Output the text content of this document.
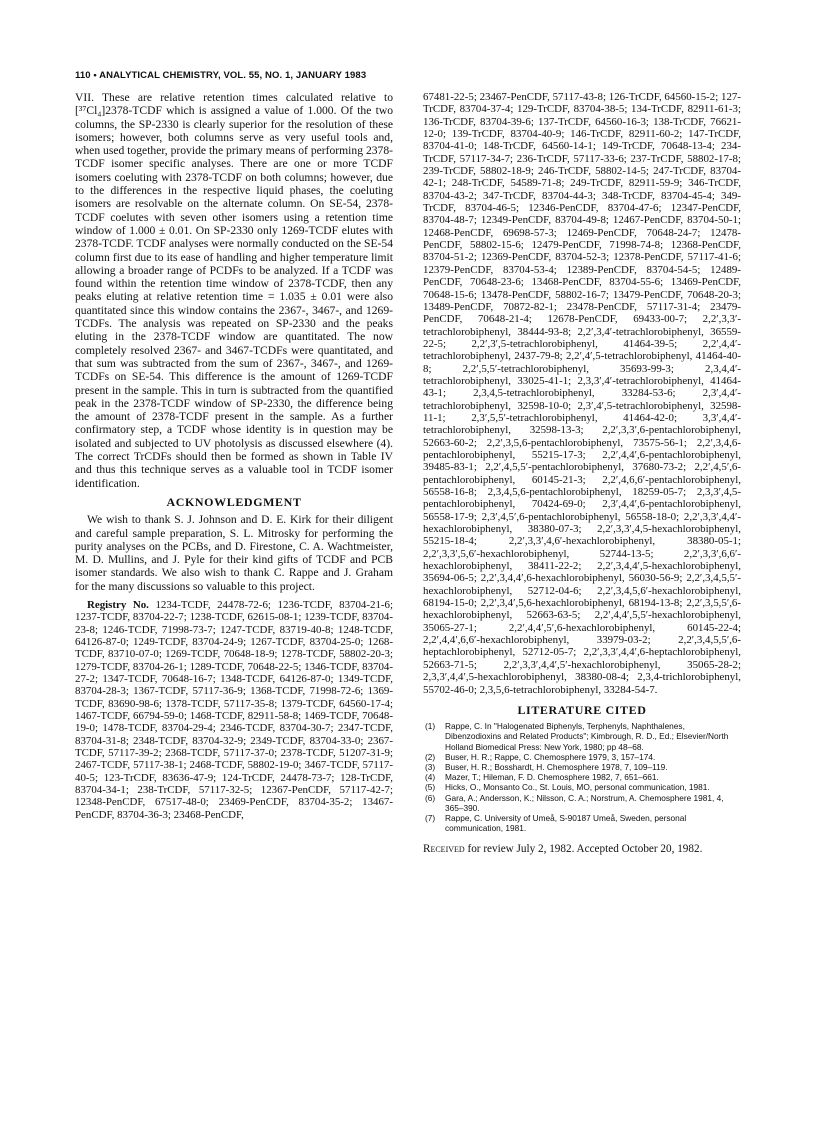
110 • ANALYTICAL CHEMISTRY, VOL. 55, NO. 1, JANUARY 1983

VII. These are relative retention times calculated relative to [³⁷Cl₄]2378-TCDF which is assigned a value of 1.000. Of the two columns, the SP-2330 is clearly superior for the resolution of these isomers; however, both columns serve as very useful tools and, when used together, provide the primary means of performing 2378-TCDF isomer specific analyses. There are one or more TCDF isomers coeluting with 2378-TCDF on both columns; however, due to the differences in the respective liquid phases, the coeluting isomers are resolvable on the alternate column. On SE-54, 2378-TCDF coelutes with seven other isomers using a retention time window of 1.000 ± 0.01. On SP-2330 only 1269-TCDF elutes with 2378-TCDF. TCDF analyses were normally conducted on the SE-54 column first due to its ease of handling and higher temperature limit allowing a broader range of PCDFs to be analyzed. If a TCDF was found within the retention time window of 2378-TCDF, then any peaks eluting at relative retention time = 1.035 ± 0.01 were also quantitated since this window contains the 2367-, 3467-, and 1269-TCDFs. The analysis was repeated on SP-2330 and the peaks eluting in the 2378-TCDF window are quantitated. The now completely resolved 2367- and 3467-TCDFs were quantitated, and that sum was subtracted from the sum of 2367-, 3467-, and 1269-TCDFs on SE-54. This difference is the amount of 1269-TCDF present in the sample. This in turn is subtracted from the quantified peak in the 2378-TCDF window of SP-2330, the difference being the amount of 2378-TCDF present in the sample. As a further confirmatory step, a TCDF whose identity is in question may be isolated and subjected to UV photolysis as discussed elsewhere (4). The correct TrCDFs should then be formed as shown in Table IV and thus this technique serves as a valuable tool in TCDF isomer identification.

ACKNOWLEDGMENT

We wish to thank S. J. Johnson and D. E. Kirk for their diligent and careful sample preparation, S. L. Mitrosky for performing the purity analyses on the PCBs, and D. Firestone, C. A. Wachtmeister, M. D. Mullins, and J. Pyle for their kind gifts of TCDF and PCB isomer standards. We also wish to thank C. Rappe and J. Graham for the many discussions so valuable to this project.

Registry No. 1234-TCDF, 24478-72-6; 1236-TCDF, 83704-21-6; 1237-TCDF, 83704-22-7; 1238-TCDF, 62615-08-1; 1239-TCDF, 83704-23-8; 1246-TCDF, 71998-73-7; 1247-TCDF, 83719-40-8; 1248-TCDF, 64126-87-0; 1249-TCDF, 83704-24-9; 1267-TCDF, 83704-25-0; 1268-TCDF, 83710-07-0; 1269-TCDF, 70648-18-9; 1278-TCDF, 58802-20-3; 1279-TCDF, 83704-26-1; 1289-TCDF, 70648-22-5; 1346-TCDF, 83704-27-2; 1347-TCDF, 70648-16-7; 1348-TCDF, 64126-87-0; 1349-TCDF, 83704-28-3; 1367-TCDF, 57117-36-9; 1368-TCDF, 71998-72-6; 1369-TCDF, 83690-98-6; 1378-TCDF, 57117-35-8; 1379-TCDF, 64560-17-4; 1467-TCDF, 66794-59-0; 1468-TCDF, 82911-58-8; 1469-TCDF, 70648-19-0; 1478-TCDF, 83704-29-4; 2346-TCDF, 83704-30-7; 2347-TCDF, 83704-31-8; 2348-TCDF, 83704-32-9; 2349-TCDF, 83704-33-0; 2367-TCDF, 57117-39-2; 2368-TCDF, 57117-37-0; 2378-TCDF, 51207-31-9; 2467-TCDF, 57117-38-1; 2468-TCDF, 58802-19-0; 3467-TCDF, 57117-40-5; 123-TrCDF, 83636-47-9; 124-TrCDF, 24478-73-7; 128-TrCDF, 83704-34-1; 238-TrCDF, 57117-32-5; 12367-PenCDF, 57117-42-7; 12348-PenCDF, 67517-48-0; 23469-PenCDF, 83704-35-2; 13467-PenCDF, 83704-36-3; 23468-PenCDF,

67481-22-5; 23467-PenCDF, 57117-43-8; 126-TrCDF, 64560-15-2; 127-TrCDF, 83704-37-4; 129-TrCDF, 83704-38-5; 134-TrCDF, 82911-61-3; 136-TrCDF, 83704-39-6; 137-TrCDF, 64560-16-3; 138-TrCDF, 76621-12-0; 139-TrCDF, 83704-40-9; 146-TrCDF, 82911-60-2; 147-TrCDF, 83704-41-0; 148-TrCDF, 64560-14-1; 149-TrCDF, 70648-13-4; 234-TrCDF, 57117-34-7; 236-TrCDF, 57117-33-6; 237-TrCDF, 58802-17-8; 239-TrCDF, 58802-18-9; 246-TrCDF, 58802-14-5; 247-TrCDF, 83704-42-1; 248-TrCDF, 54589-71-8; 249-TrCDF, 82911-59-9; 346-TrCDF, 83704-43-2; 347-TrCDF, 83704-44-3; 348-TrCDF, 83704-45-4; 349-TrCDF, 83704-46-5; 12346-PenCDF, 83704-47-6; 12347-PenCDF, 83704-48-7; 12349-PenCDF, 83704-49-8; 12467-PenCDF, 83704-50-1; 12468-PenCDF, 69698-57-3; 12469-PenCDF, 70648-24-7; 12478-PenCDF, 58802-15-6; 12479-PenCDF, 71998-74-8; 12368-PenCDF, 83704-51-2; 12369-PenCDF, 83704-52-3; 12378-PenCDF, 57117-41-6; 12379-PenCDF, 83704-53-4; 12389-PenCDF, 83704-54-5; 12489-PenCDF, 70648-23-6; 13468-PenCDF, 83704-55-6; 13469-PenCDF, 70648-15-6; 13478-PenCDF, 58802-16-7; 13479-PenCDF, 70648-20-3; 13489-PenCDF, 70872-82-1; 23478-PenCDF, 57117-31-4; 23479-PenCDF, 70648-21-4; 12678-PenCDF, 69433-00-7; 2,2′,3,3′-tetrachlorobiphenyl, 38444-93-8; 2,2′,3,4′-tetrachlorobiphenyl, 36559-22-5; 2,2′,3′,5-tetrachlorobiphenyl, 41464-39-5; 2,2′,4,4′-tetrachlorobiphenyl, 2437-79-8; 2,2′,4′,5-tetrachlorobiphenyl, 41464-40-8; 2,2′,5,5′-tetrachlorobiphenyl, 35693-99-3; 2,3,4,4′-tetrachlorobiphenyl, 33025-41-1; 2,3,3′,4′-tetrachlorobiphenyl, 41464-43-1; 2,3,4,5-tetrachlorobiphenyl, 33284-53-6; 2,3′,4,4′-tetrachlorobiphenyl, 32598-10-0; 2,3′,4′,5-tetrachlorobiphenyl, 32598-11-1; 2,3′,5,5′-tetrachlorobiphenyl, 41464-42-0; 3,3′,4,4′-tetrachlorobiphenyl, 32598-13-3; 2,2′,3,3′,6-pentachlorobiphenyl, 52663-60-2; 2,2′,3,5,6-pentachlorobiphenyl, 73575-56-1; 2,2′,3,4,6-pentachlorobiphenyl, 55215-17-3; 2,2′,4,4′,6-pentachlorobiphenyl, 39485-83-1; 2,2′,4,5,5′-pentachlorobiphenyl, 37680-73-2; 2,2′,4,5′,6-pentachlorobiphenyl, 60145-21-3; 2,2′,4,6,6′-pentachlorobiphenyl, 56558-16-8; 2,3,4,5,6-pentachlorobiphenyl, 18259-05-7; 2,3,3′,4,5-pentachlorobiphenyl, 70424-69-0; 2,3′,4,4′,6-pentachlorobiphenyl, 56558-17-9; 2,3′,4,5′,6-pentachlorobiphenyl, 56558-18-0; 2,2′,3,3′,4,4′-hexachlorobiphenyl, 38380-07-3; 2,2′,3,3′,4,5-hexachlorobiphenyl, 55215-18-4; 2,2′,3,3′,4,6′-hexachlorobiphenyl, 38380-05-1; 2,2′,3,3′,5,6′-hexachlorobiphenyl, 52744-13-5; 2,2′,3,3′,6,6′-hexachlorobiphenyl, 38411-22-2; 2,2′,3,4,4′,5-hexachlorobiphenyl, 35694-06-5; 2,2′,3,4,4′,6-hexachlorobiphenyl, 56030-56-9; 2,2′,3,4,5,5′-hexachlorobiphenyl, 52712-04-6; 2,2′,3,4,5,6′-hexachlorobiphenyl, 68194-15-0; 2,2′,3,4′,5,6-hexachlorobiphenyl, 68194-13-8; 2,2′,3,5,5′,6-hexachlorobiphenyl, 52663-63-5; 2,2′,4,4′,5,5′-hexachlorobiphenyl, 35065-27-1; 2,2′,4,4′,5′,6-hexachlorobiphenyl, 60145-22-4; 2,2′,4,4′,6,6′-hexachlorobiphenyl, 33979-03-2; 2,2′,3,4,5,5′,6-heptachlorobiphenyl, 52712-05-7; 2,2′,3,3′,4,4′,6-heptachlorobiphenyl, 52663-71-5; 2,2′,3,3′,4,4′,5′-hexachlorobiphenyl, 35065-28-2; 2,3,3′,4,4′,5-hexachlorobiphenyl, 38380-08-4; 2,3,4-trichlorobiphenyl, 55702-46-0; 2,3,5,6-tetrachlorobiphenyl, 33284-54-7.

LITERATURE CITED
(1)	Rappe, C. In "Halogenated Biphenyls, Terphenyls, Naphthalenes, Dibenzodioxins and Related Products"; Kimbrough, R. D., Ed.; Elsevier/North Holland Biomedical Press: New York, 1980; pp 48–68.
(2)	Buser, H. R.; Rappe, C. Chemosphere 1979, 3, 157–174.
(3)	Buser, H. R.; Bosshardt, H. Chemosphere 1978, 7, 109–119.
(4)	Mazer, T.; Hileman, F. D. Chemosphere 1982, 7, 651–661.
(5)	Hicks, O., Monsanto Co., St. Louis, MO, personal communication, 1981.
(6)	Gara, A.; Andersson, K.; Nilsson, C. A.; Norstrum, A. Chemosphere 1981, 4, 365–390.
(7)	Rappe, C. University of Umeå, S-90187 Umeå, Sweden, personal communication, 1981.

Received for review July 2, 1982. Accepted October 20, 1982.
